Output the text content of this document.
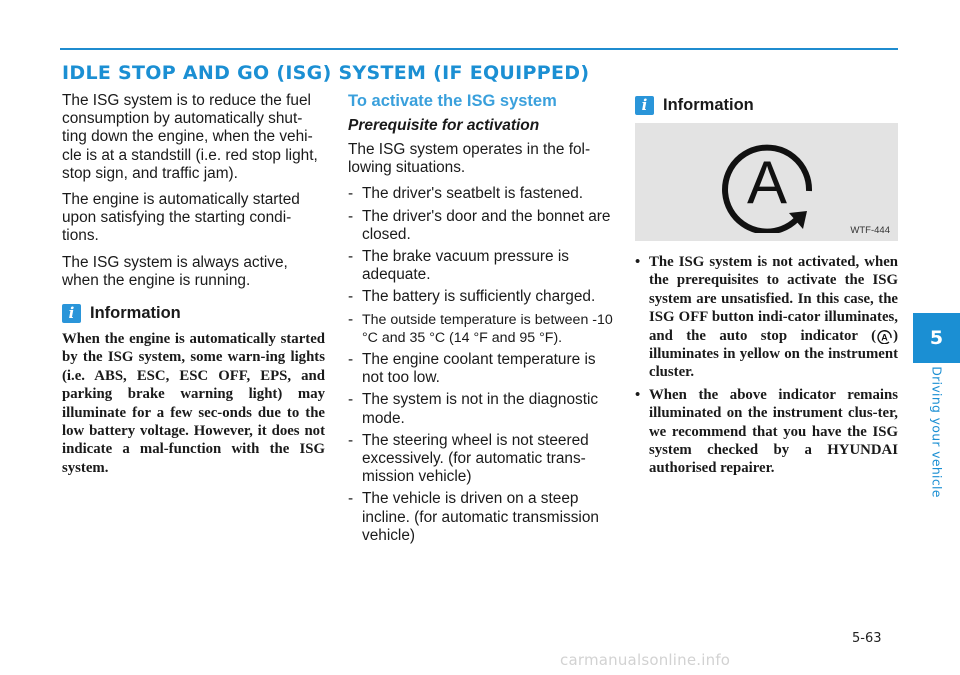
IDLE STOP AND GO (ISG) SYSTEM (IF EQUIPPED)

The ISG system is to reduce the fuel consumption by automatically shut-ting down the engine, when the vehi-cle is at a standstill (i.e. red stop light, stop sign, and traffic jam).

The engine is automatically started upon satisfying the starting condi-tions.

The ISG system is always active, when the engine is running.

i Information

When the engine is automatically started by the ISG system, some warn-ing lights (i.e. ABS, ESC, ESC OFF, EPS, and parking brake warning light) may illuminate for a few sec-onds due to the low battery voltage. However, it does not indicate a mal-function with the ISG system.

To activate the ISG system
Prerequisite for activation

The ISG system operates in the fol-lowing situations.

- The driver's seatbelt is fastened.
- The driver's door and the bonnet are closed.
- The brake vacuum pressure is adequate.
- The battery is sufficiently charged.
- The outside temperature is between -10 °C and 35 °C (14 °F and 95 °F).
- The engine coolant temperature is not too low.
- The system is not in the diagnostic mode.
- The steering wheel is not steered excessively. (for automatic trans-mission vehicle)
- The vehicle is driven on a steep incline. (for automatic transmission vehicle)
i Information
A
WTF-444
• The ISG system is not activated, when the prerequisites to activate the ISG system are unsatisfied. In this case, the ISG OFF button indi-cator illuminates, and the auto stop indicator ( A ) illuminates in yellow on the instrument cluster.
• When the above indicator remains illuminated on the instrument clus-ter, we recommend that you have the ISG system checked by a HYUNDAI authorised repairer.
5
Driving your vehicle
5-63
carmanualsonline.info
